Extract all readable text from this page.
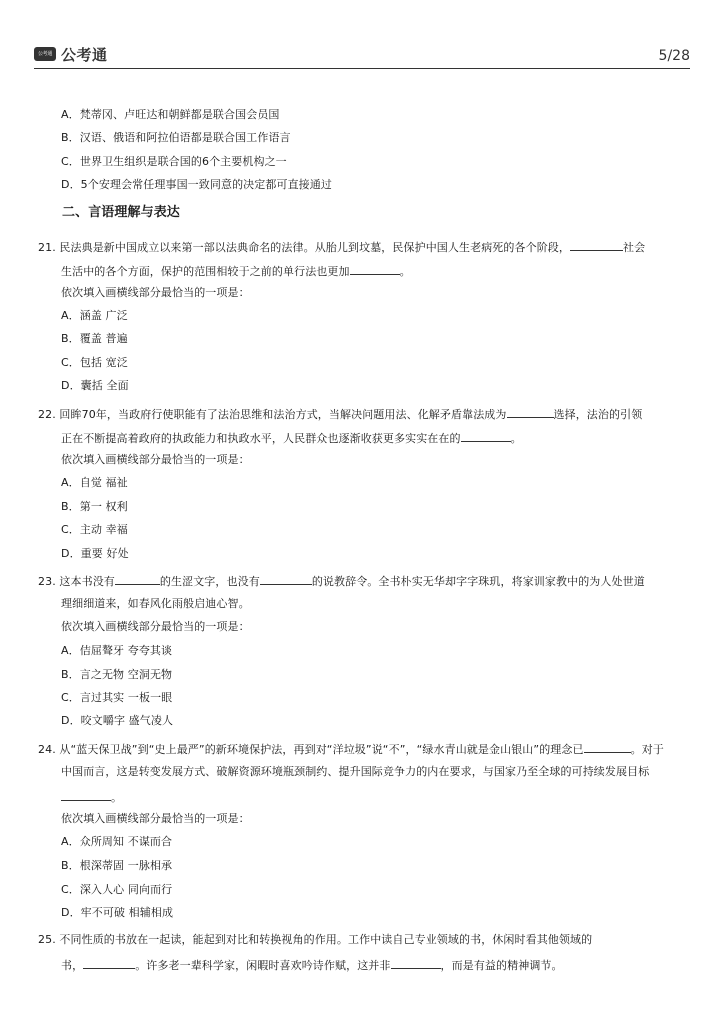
公考通 公考通	5/28
A．梵蒂冈、卢旺达和朝鲜都是联合国会员国
B．汉语、俄语和阿拉伯语都是联合国工作语言
C．世界卫生组织是联合国的6个主要机构之一
D．5个安理会常任理事国一致同意的决定都可直接通过
二、言语理解与表达
21. 民法典是新中国成立以来第一部以法典命名的法律。从胎儿到坟墓，民保护中国人生老病死的各个阶段，	社会
生活中的各个方面，保护的范围相较于之前的单行法也更加	。
依次填入画横线部分最恰当的一项是：
A．涵盖 广泛
B．覆盖 普遍
C．包括 宽泛
D．囊括 全面
22. 回眸70年，当政府行使职能有了法治思维和法治方式，当解决问题用法、化解矛盾靠法成为	选择，法治的引领
正在不断提高着政府的执政能力和执政水平，人民群众也逐渐收获更多实实在在的	。
依次填入画横线部分最恰当的一项是：
A．自觉 福祉
B．第一 权利
C．主动 幸福
D．重要 好处
23. 这本书没有	的生涩文字，也没有	的说教辞令。全书朴实无华却字字珠玑，将家训家教中的为人处世道
理细细道来，如春风化雨般启迪心智。
依次填入画横线部分最恰当的一项是：
A．佶屈聱牙 夸夸其谈
B．言之无物 空洞无物
C．言过其实 一板一眼
D．咬文嚼字 盛气凌人
24. 从“蓝天保卫战”到“史上最严”的新环境保护法，再到对“洋垃圾”说“不”，“绿水青山就是金山银山”的理念已	。对于
中国而言，这是转变发展方式、破解资源环境瓶颈制约、提升国际竞争力的内在要求，与国家乃至全球的可持续发展目标
。
依次填入画横线部分最恰当的一项是：
A．众所周知 不谋而合
B．根深蒂固 一脉相承
C．深入人心 同向而行
D．牢不可破 相辅相成
25. 不同性质的书放在一起读，能起到对比和转换视角的作用。工作中读自己专业领域的书，休闲时看其他领域的
书，	。许多老一辈科学家，闲暇时喜欢吟诗作赋，这并非	，而是有益的精神调节。
